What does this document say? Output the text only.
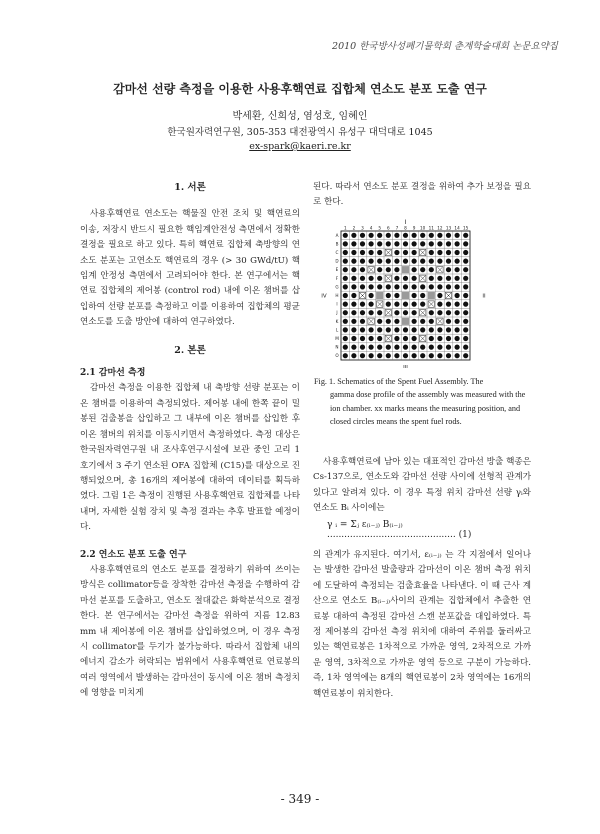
2010 한국방사성폐기물학회 춘계학술대회 논문요약집
감마선 선량 측정을 이용한 사용후핵연료 집합체 연소도 분포 도출 연구
박세환, 신희성, 염성호, 임혜인
한국원자력연구원, 305-353 대전광역시 유성구 대덕대로 1045
ex-spark@kaeri.re.kr
1. 서론

사용후핵연료 연소도는 핵물질 안전 조치 및 핵연료의 이송, 저장시 반드시 필요한 핵임계안전성 측면에서 정확한 결정을 필요로 하고 있다. 특히 핵연료 집합체 축방향의 연소도 분포는 고연소도 핵연료의 경우 (> 30 GWd/tU) 핵임계 안정성 측면에서 고려되어야 한다. 본 연구에서는 핵연료 집합체의 제어봉 (control rod) 내에 이온 챔버를 삽입하여 선량 분포를 측정하고 이를 이용하여 집합체의 평균 연소도를 도출 방안에 대하여 연구하였다.

2. 본론
2.1 감마선 측정

감마선 측정을 이용한 집합체 내 축방향 선량 분포는 이온 챔버를 이용하여 측정되었다. 제어봉 내에 한쪽 끝이 밀봉된 검출봉을 삽입하고 그 내부에 이온 챔버를 삽입한 후 이온 챔버의 위치를 이동시키면서 측정하였다. 측정 대상은 한국원자력연구원 내 조사후연구시설에 보관 중인 고리 1호기에서 3 주기 연소된 OFA 집합체 (C15)를 대상으로 진행되었으며, 총 16개의 제어봉에 대하여 데이터를 획득하였다. 그림 1은 측정이 진행된 사용후핵연료 집합체를 나타내며, 자세한 실험 장치 및 측정 결과는 추후 발표할 예정이다.

2.2 연소도 분포 도출 연구

사용후핵연료의 연소도 분포를 결정하기 위하여 쓰이는 방식은 collimator등을 장착한 감마선 측정을 수행하여 감마선 분포를 도출하고, 연소도 절대값은 화학분석으로 결정한다. 본 연구에서는 감마선 측정을 위하여 지름 12.83 mm 내 제어봉에 이온 챔버를 삽입하였으며, 이 경우 측정시 collimator를 두기가 불가능하다. 따라서 집합체 내의 에너지 감소가 허락되는 범위에서 사용후핵연료 연료봉의 여러 영역에서 발생하는 감마선이 동시에 이온 챔버 측정치에 영향을 미치게

된다. 따라서 연소도 분포 결정을 위하여 추가 보정을 필요로 한다.
I
IV	II
III
1 2 3 4 5 6 7 8 9 10 11 12 13 14 15
A
B
C
D
E
F
G
H
I
J
K
L
M
N
O
Fig. 1. Schematics of the Spent Fuel Assembly. The
gamma dose profile of the assembly was measured with the ion chamber. xx marks means the measuring position, and closed circles means the spent fuel rods.

사용후핵연료에 남아 있는 대표적인 감마선 방출 핵종은 Cs-137으로, 연소도와 감마선 선량 사이에 선형적 관계가 있다고 알려져 있다. 이 경우 특정 위치 감마선 선량 γᵢ와 연소도 Bᵢ 사이에는

γ ᵢ = Σⱼ ε₍ᵢ₋ⱼ₎ B₍ᵢ₋ⱼ₎ ............................................. (1)

의 관계가 유지된다. 여기서, ε₍ᵢ₋ⱼ₎ 는 각 지점에서 일어나는 발생한 감마선 발출량과 감마선이 이온 챔버 측정 위치에 도달하여 측정되는 검출효율을 나타낸다. 이 때 근사 계산으로 연소도 B₍ᵢ₋ⱼ₎사이의 관계는 집합체에서 추출한 연료봉 대하여 측정된 감마선 스캔 분포값을 대입하였다. 특정 제어봉의 감마선 측정 위치에 대하여 주위를 둘러싸고 있는 핵연료봉은 1차적으로 가까운 영역, 2차적으로 가까운 영역, 3차적으로 가까운 영역 등으로 구분이 가능하다. 즉, 1차 영역에는 8개의 핵연료봉이 2차 영역에는 16개의 핵연료봉이 위치한다.

- 349 -
